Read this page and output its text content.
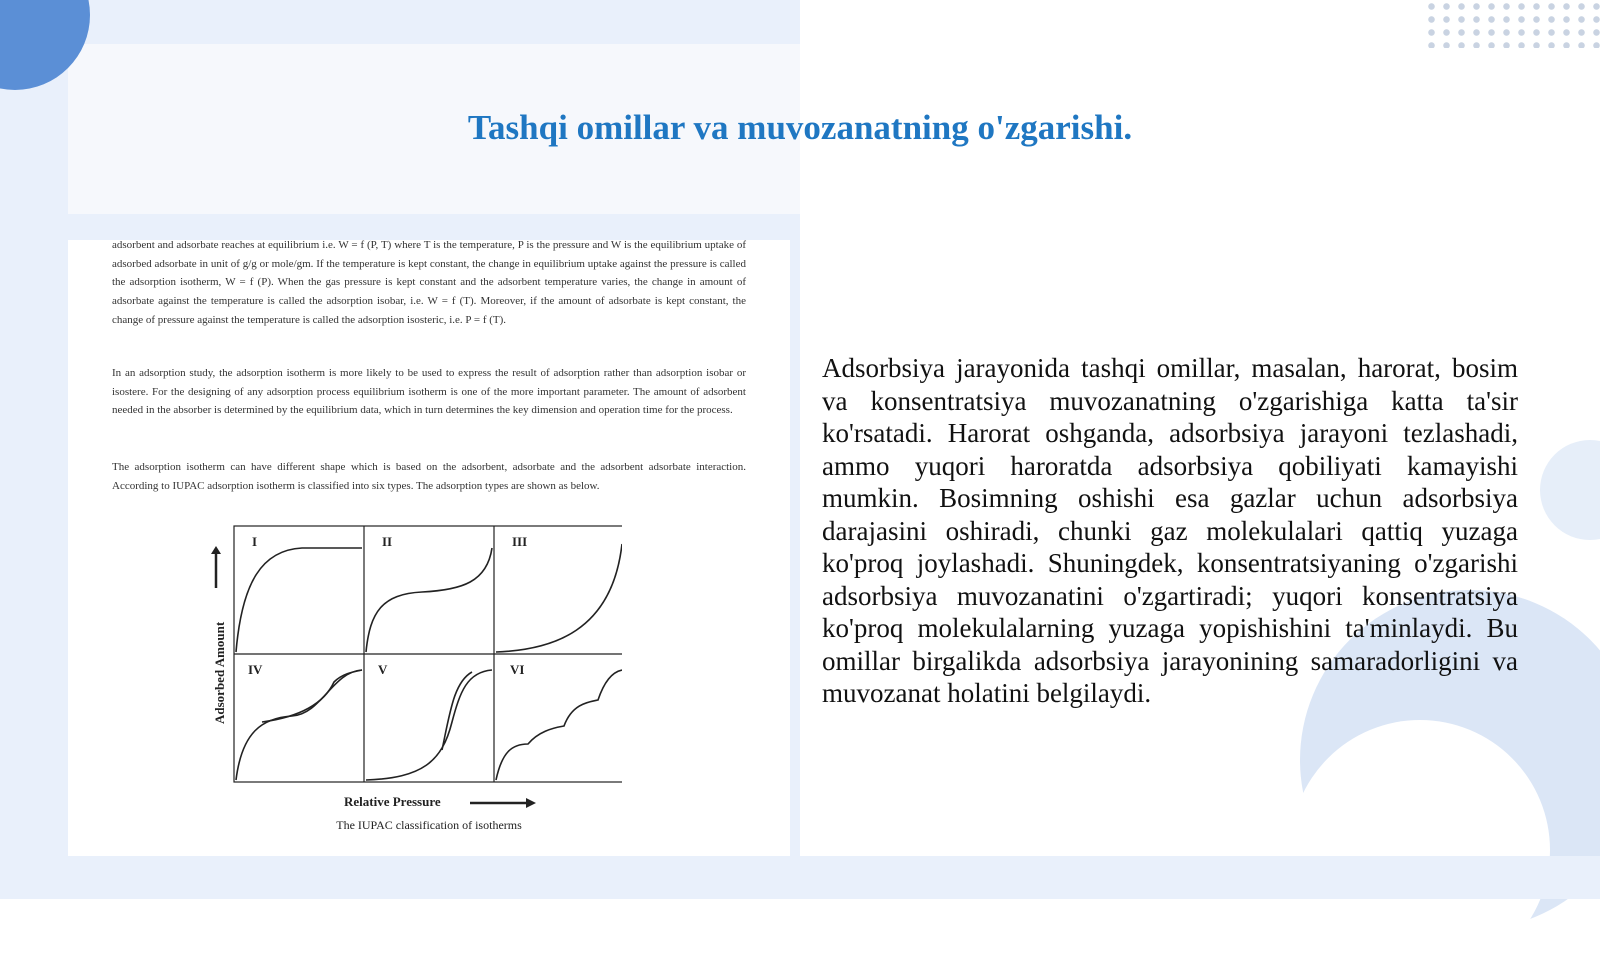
Tashqi omillar va muvozanatning o'zgarishi.
adsorbent and adsorbate reaches at equilibrium i.e. W = f (P, T) where T is the temperature, P is the pressure and W is the equilibrium uptake of adsorbed adsorbate in unit of g/g or mole/gm. If the temperature is kept constant, the change in equilibrium uptake against the pressure is called the adsorption isotherm, W = f (P). When the gas pressure is kept constant and the adsorbent temperature varies, the change in amount of adsorbate against the temperature is called the adsorption isobar, i.e. W = f (T). Moreover, if the amount of adsorbate is kept constant, the change of pressure against the temperature is called the adsorption isosteric, i.e. P = f (T).
In an adsorption study, the adsorption isotherm is more likely to be used to express the result of adsorption rather than adsorption isobar or isostere. For the designing of any adsorption process equilibrium isotherm is one of the more important parameter. The amount of adsorbent needed in the absorber is determined by the equilibrium data, which in turn determines the key dimension and operation time for the process.
The adsorption isotherm can have different shape which is based on the adsorbent, adsorbate and the adsorbent adsorbate interaction. According to IUPAC adsorption isotherm is classified into six types. The adsorption types are shown as below.
I	II	III
IV	V	VI
Adsorbed Amount
Relative Pressure
The IUPAC classification of isotherms
Adsorbsiya jarayonida tashqi omillar, masalan, harorat, bosim va konsentratsiya muvozanatning o'zgarishiga katta ta'sir ko'rsatadi. Harorat oshganda, adsorbsiya jarayoni tezlashadi, ammo yuqori haroratda adsorbsiya qobiliyati kamayishi mumkin. Bosimning oshishi esa gazlar uchun adsorbsiya darajasini oshiradi, chunki gaz molekulalari qattiq yuzaga ko'proq joylashadi. Shuningdek, konsentratsiyaning o'zgarishi adsorbsiya muvozanatini o'zgartiradi; yuqori konsentratsiya ko'proq molekulalarning yuzaga yopishishini ta'minlaydi. Bu omillar birgalikda adsorbsiya jarayonining samaradorligini va muvozanat holatini belgilaydi.
